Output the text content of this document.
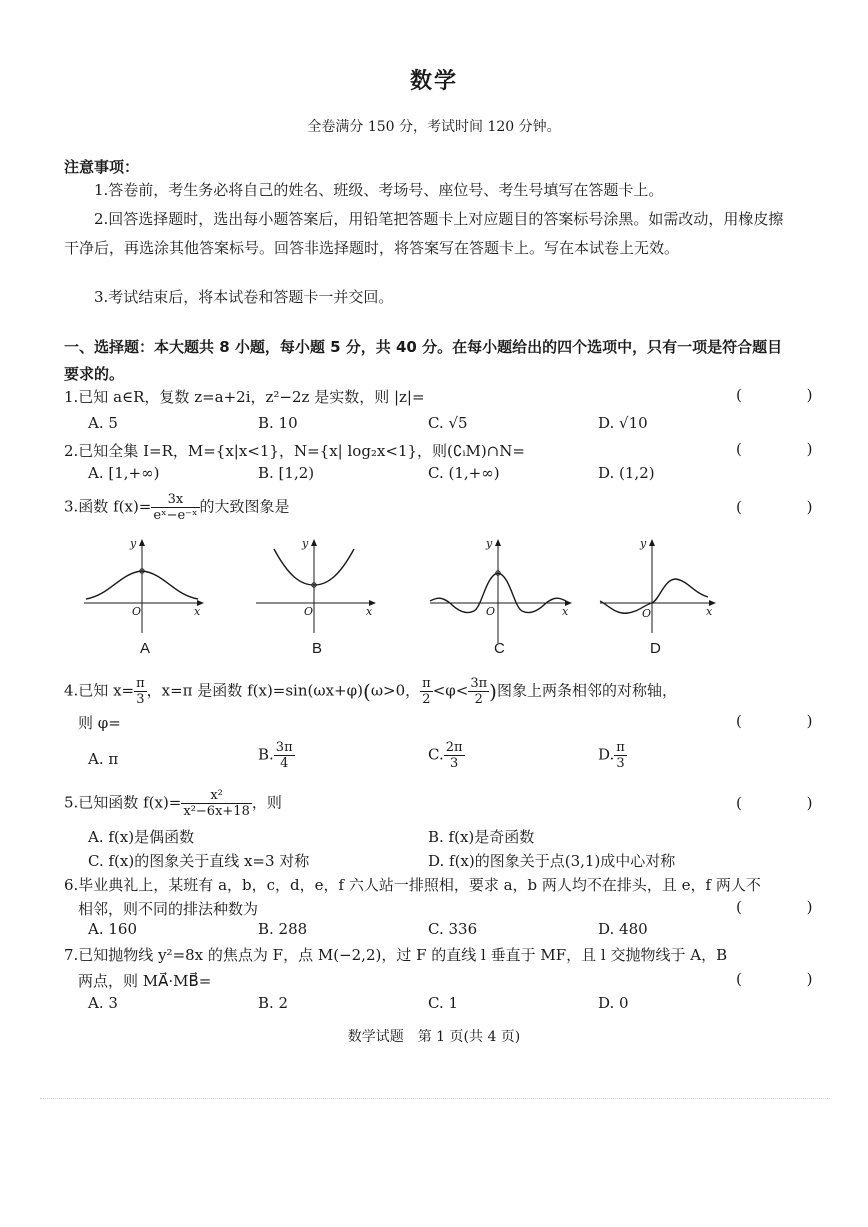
数学
全卷满分 150 分，考试时间 120 分钟。
注意事项：
1.答卷前，考生务必将自己的姓名、班级、考场号、座位号、考生号填写在答题卡上。
2.回答选择题时，选出每小题答案后，用铅笔把答题卡上对应题目的答案标号涂黑。如需改动，用橡皮擦干净后，再选涂其他答案标号。回答非选择题时，将答案写在答题卡上。写在本试卷上无效。
3.考试结束后，将本试卷和答题卡一并交回。
一、选择题：本大题共 8 小题，每小题 5 分，共 40 分。在每小题给出的四个选项中，只有一项是符合题目要求的。
1.已知 a∈R，复数 z=a+2i，z²−2z 是实数，则 |z|=	( )
A. 5	B. 10	C. √5	D. √10
2.已知全集 I=R，M={x|x<1}，N={x| log₂x<1}，则(∁ᵢM)∩N=	( )
A. [1,+∞)	B. [1,2)	C. (1,+∞)	D. (1,2)
3.函数 $f(x)= \frac{3x}{\text{eˣ−e⁻ˣ}}$ 的大致图象是	( )
y
x
O
A
y
x
O
B
y
x
O
C
y
x
O
D
4.已知 $x= \frac{\pi}{3}$ ，x=π 是函数 f(x)=sin(ωx+φ)(ω>0， $\frac{\pi}{2} <\varphi< \frac{3\pi}{2}$ )图象上两条相邻的对称轴，
则 φ=	( )
A. π	B. $\frac{3\pi}{4}$	C. $\frac{2\pi}{3}$	D. $\frac{\pi}{3}$
5.已知函数 $f(x)= \frac{\text{x²}}{\text{x²−6x+18}}$ ，则	( )
A. f(x)是偶函数	B. f(x)是奇函数
C. f(x)的图象关于直线 x=3 对称	D. f(x)的图象关于点(3,1)成中心对称
6.毕业典礼上，某班有 a，b，c，d，e，f 六人站一排照相，要求 a，b 两人均不在排头，且 e，f 两人不
相邻，则不同的排法种数为	( )
A. 160	B. 288	C. 336	D. 480
7.已知抛物线 y²=8x 的焦点为 F，点 M(−2,2)，过 F 的直线 l 垂直于 MF，且 l 交抛物线于 A，B
两点，则 MA⃗·MB⃗=	( )
A. 3	B. 2	C. 1	D. 0
数学试题　第 1 页(共 4 页)
